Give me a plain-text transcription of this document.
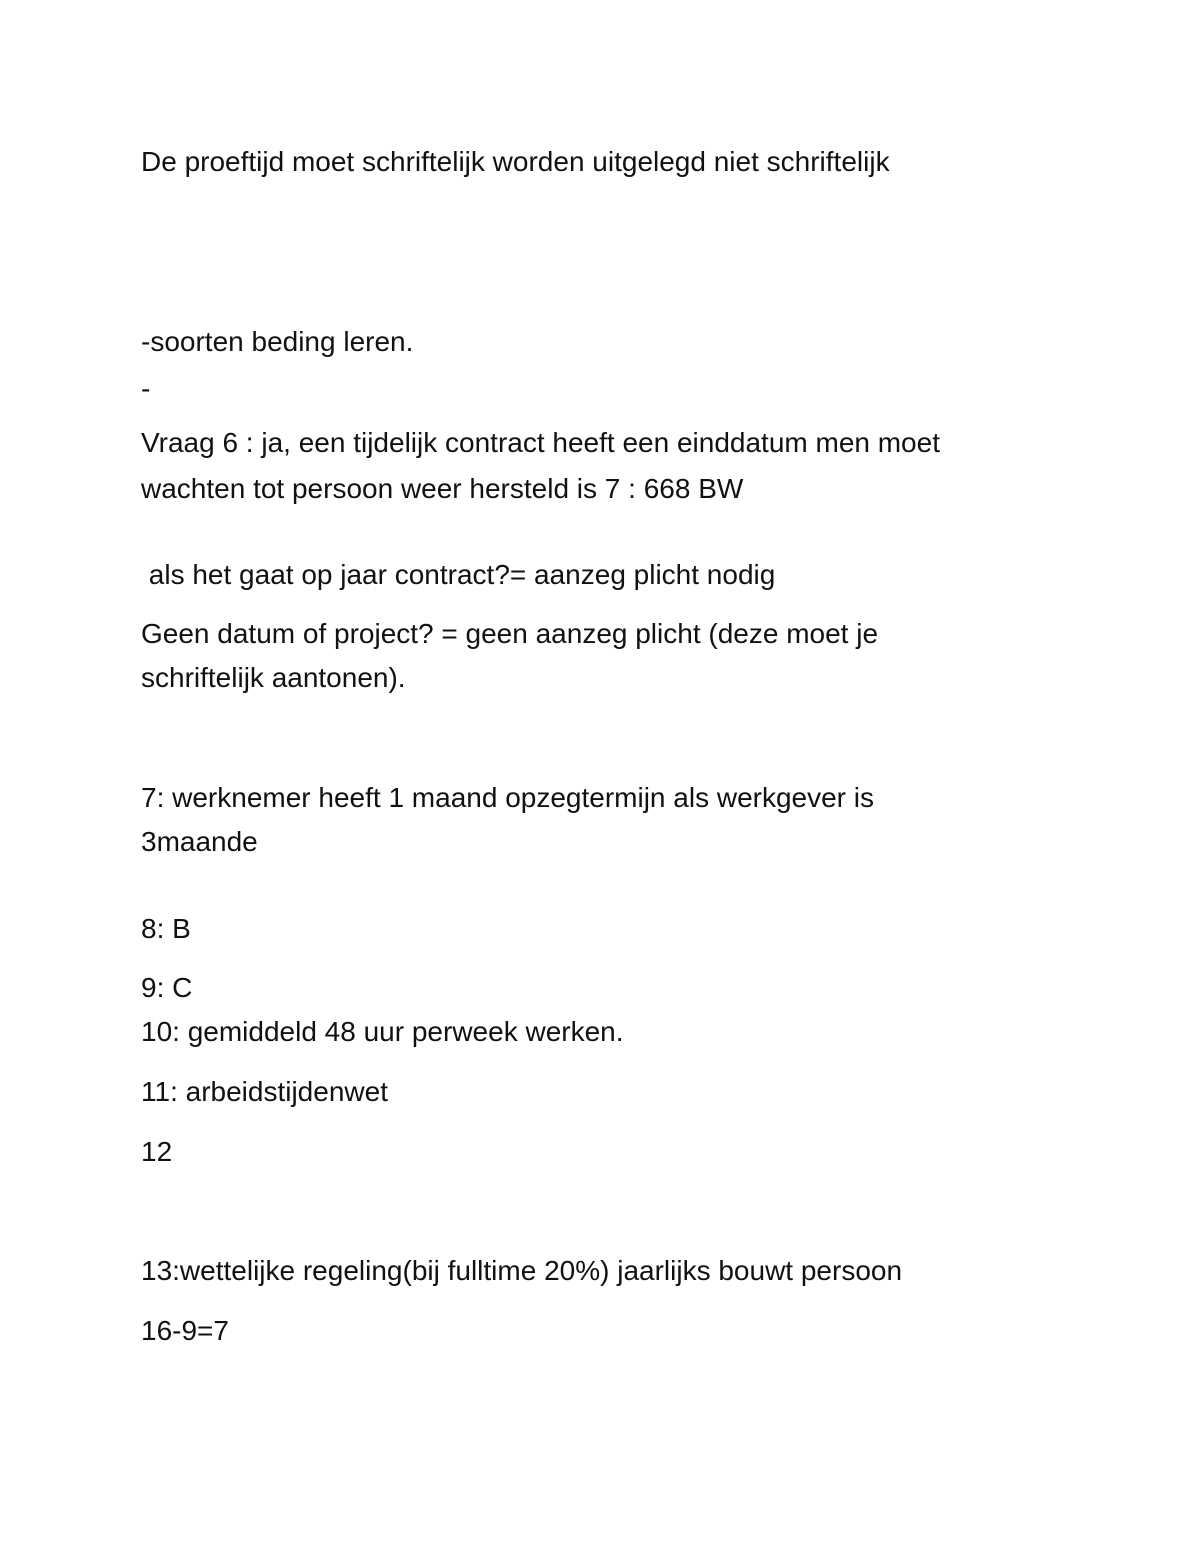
De proeftijd moet schriftelijk worden uitgelegd niet schriftelijk

-soorten beding leren.

-

Vraag 6 : ja, een tijdelijk contract heeft een einddatum men moet

wachten tot persoon weer hersteld is 7 : 668 BW

als het gaat op jaar contract?= aanzeg plicht nodig

Geen datum of project? = geen aanzeg plicht (deze moet je

schriftelijk aantonen).

7: werknemer heeft 1 maand opzegtermijn als werkgever is

3maande

8: B

9: C

10: gemiddeld 48 uur perweek werken.

11: arbeidstijdenwet

12

13:wettelijke regeling(bij fulltime 20%) jaarlijks bouwt persoon

16-9=7
